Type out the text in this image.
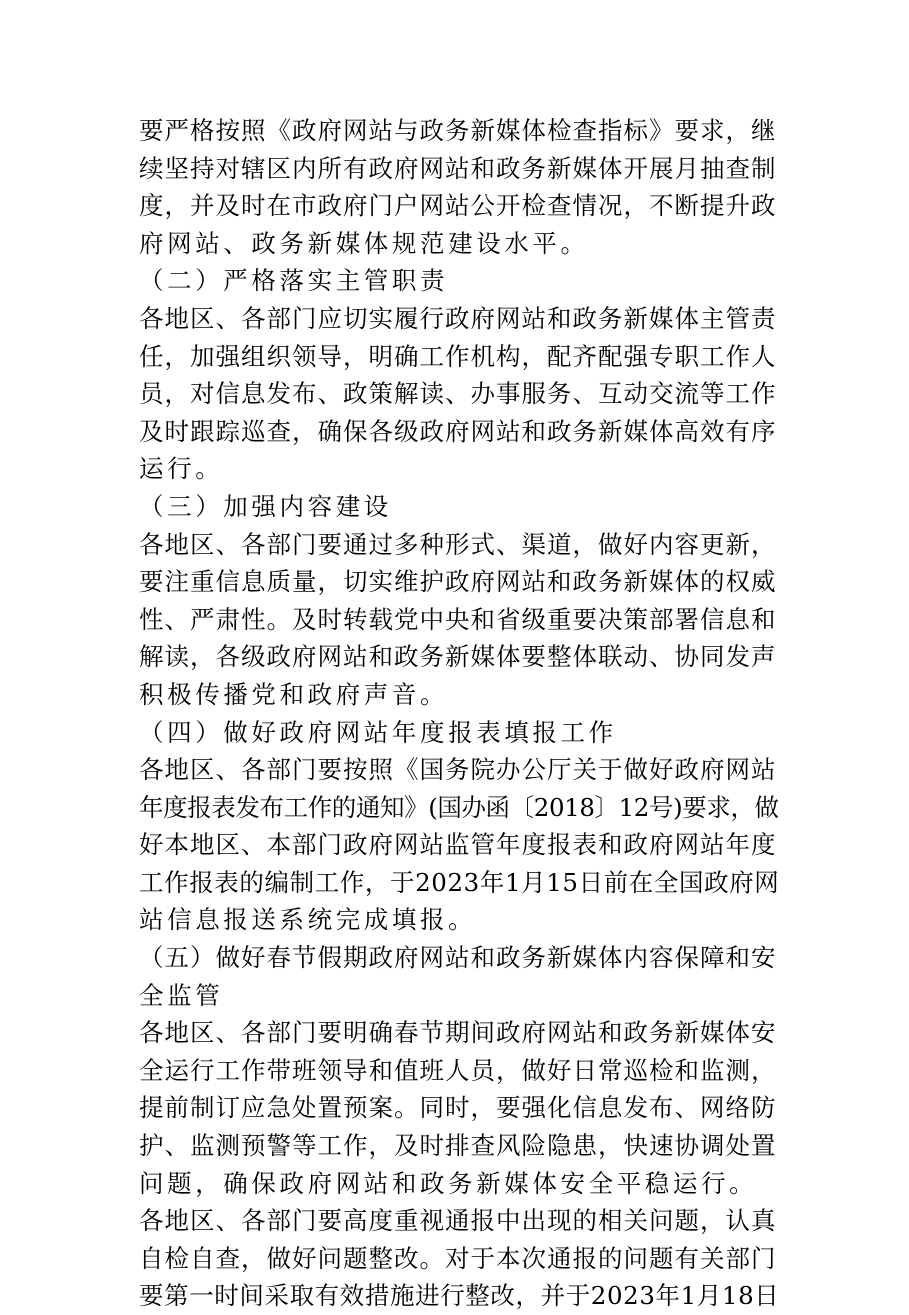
要严格按照《政府网站与政务新媒体检查指标》要求，继
续坚持对辖区内所有政府网站和政务新媒体开展月抽查制
度，并及时在市政府门户网站公开检查情况，不断提升政
府网站、政务新媒体规范建设水平。
（二）严格落实主管职责
各地区、各部门应切实履行政府网站和政务新媒体主管责
任，加强组织领导，明确工作机构，配齐配强专职工作人
员，对信息发布、政策解读、办事服务、互动交流等工作
及时跟踪巡查，确保各级政府网站和政务新媒体高效有序
运行。
（三）加强内容建设
各地区、各部门要通过多种形式、渠道，做好内容更新，
要注重信息质量，切实维护政府网站和政务新媒体的权威
性、严肃性。及时转载党中央和省级重要决策部署信息和
解读，各级政府网站和政务新媒体要整体联动、协同发声
积极传播党和政府声音。
（四）做好政府网站年度报表填报工作
各地区、各部门要按照《国务院办公厅关于做好政府网站
年度报表发布工作的通知》(国办函〔2018〕12号)要求，做
好本地区、本部门政府网站监管年度报表和政府网站年度
工作报表的编制工作，于2023年1月15日前在全国政府网
站信息报送系统完成填报。
（五）做好春节假期政府网站和政务新媒体内容保障和安
全监管
各地区、各部门要明确春节期间政府网站和政务新媒体安
全运行工作带班领导和值班人员，做好日常巡检和监测，
提前制订应急处置预案。同时，要强化信息发布、网络防
护、监测预警等工作，及时排查风险隐患，快速协调处置
问题，确保政府网站和政务新媒体安全平稳运行。
各地区、各部门要高度重视通报中出现的相关问题，认真
自检自查，做好问题整改。对于本次通报的问题有关部门
要第一时间采取有效措施进行整改，并于2023年1月18日
